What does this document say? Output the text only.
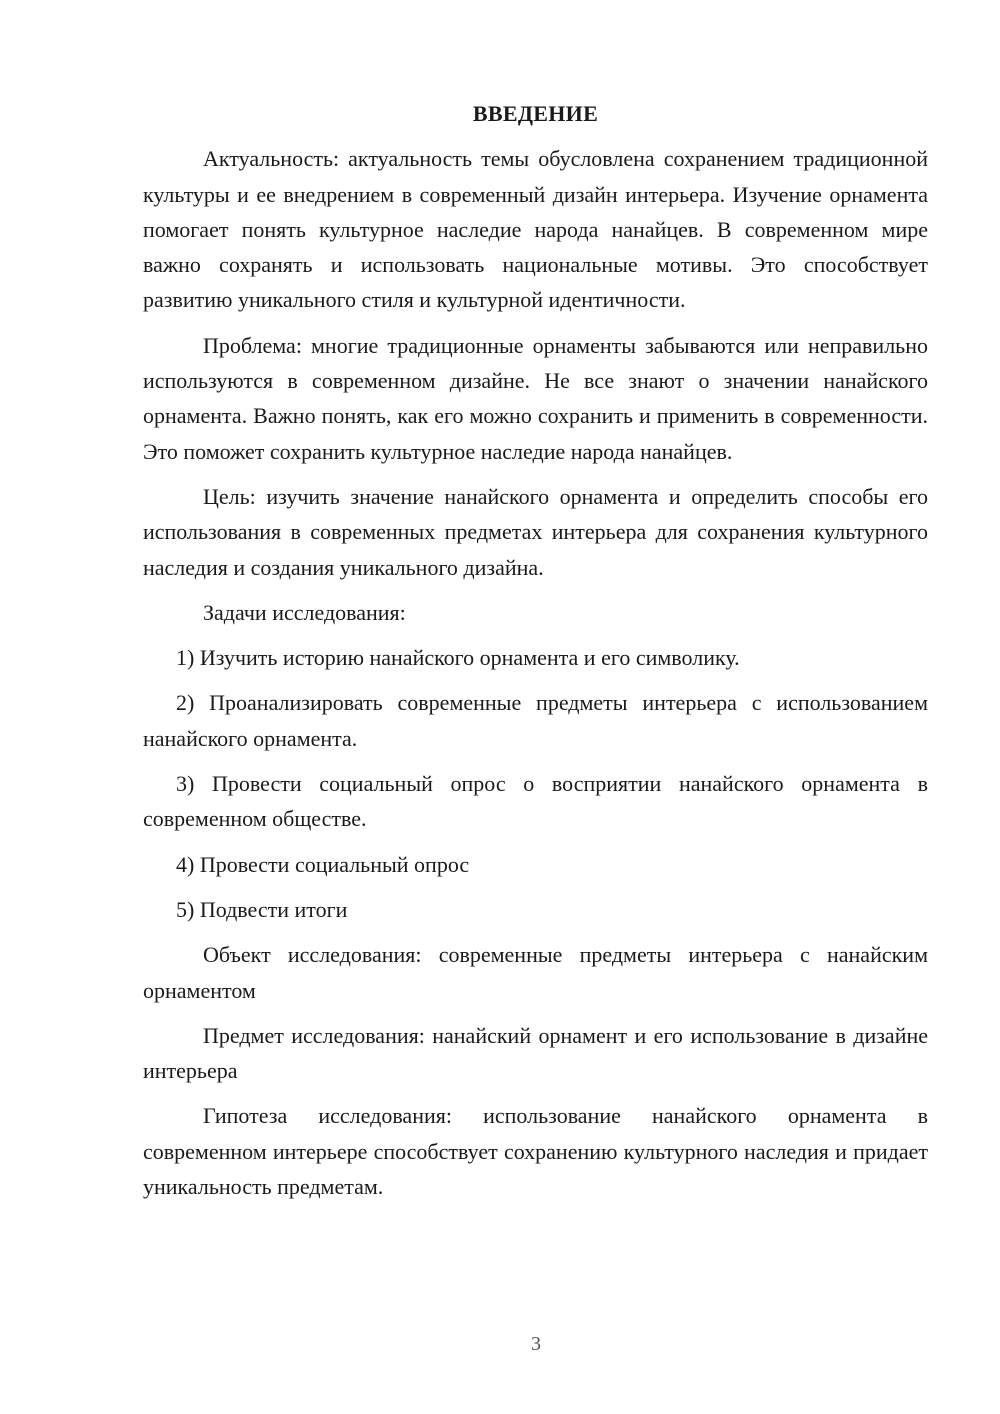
ВВЕДЕНИЕ

Актуальность: актуальность темы обусловлена сохранением традиционной культуры и ее внедрением в современный дизайн интерьера. Изучение орнамента помогает понять культурное наследие народа нанайцев. В современном мире важно сохранять и использовать национальные мотивы. Это способствует развитию уникального стиля и культурной идентичности.

Проблема: многие традиционные орнаменты забываются или неправильно используются в современном дизайне. Не все знают о значении нанайского орнамента. Важно понять, как его можно сохранить и применить в современности. Это поможет сохранить культурное наследие народа нанайцев.

Цель: изучить значение нанайского орнамента и определить способы его использования в современных предметах интерьера для сохранения культурного наследия и создания уникального дизайна.

Задачи исследования:

1) Изучить историю нанайского орнамента и его символику.

2) Проанализировать современные предметы интерьера с использованием нанайского орнамента.

3) Провести социальный опрос о восприятии нанайского орнамента в современном обществе.

4) Провести социальный опрос

5) Подвести итоги

Объект исследования: современные предметы интерьера с нанайским орнаментом

Предмет исследования: нанайский орнамент и его использование в дизайне интерьера

Гипотеза исследования: использование нанайского орнамента в современном интерьере способствует сохранению культурного наследия и придает уникальность предметам.

3
